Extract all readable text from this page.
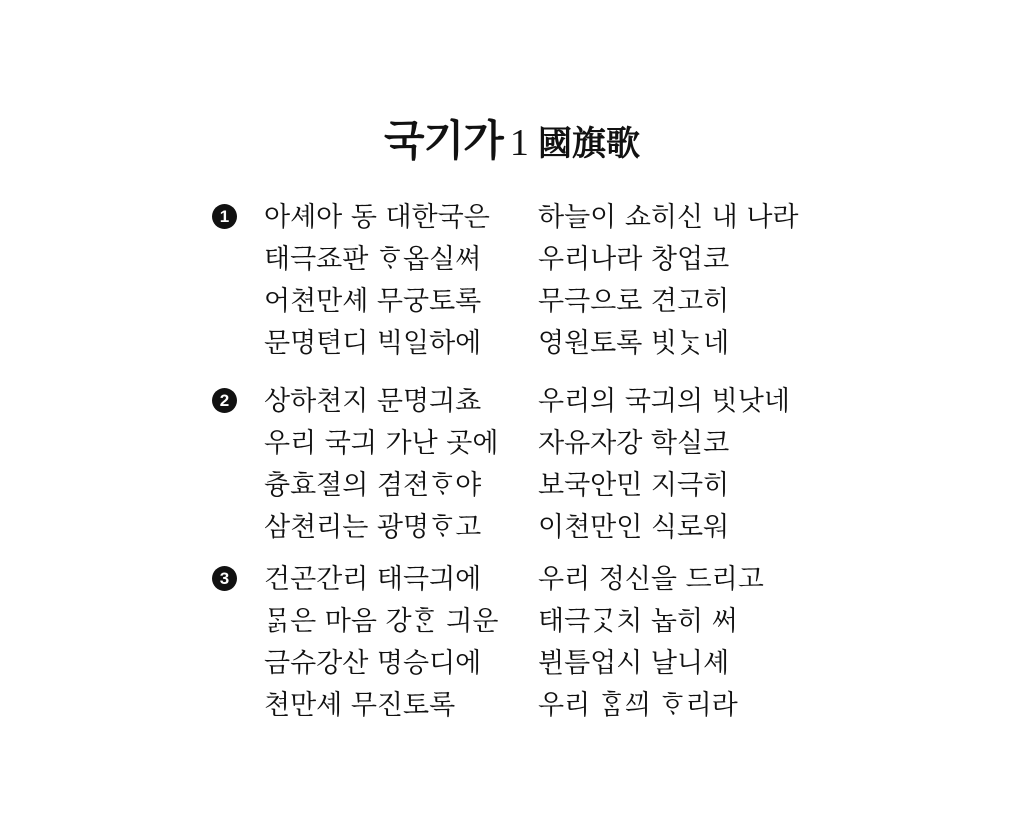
국기가 1 國旗歌
1 아셰아 동 대한국은 하늘이 쇼히신 내 나라
태극죠판 ᄒᆞ옵실쎠 우리나라 창업코
어쳔만셰 무궁토록 무극으로 견고히
문명텬디 빅일하에 영원토록 빗ᄂᆞᆺ네
2 상하쳔지 문명긔쵸 우리의 국긔의 빗낫네
우리 국긔 가난 곳에 자유자강 학실코
츙효졀의 겸젼ᄒᆞ야 보국안민 지극히
삼쳔리는 광명ᄒᆞ고 이쳔만인 식로워
3 건곤간리 태극긔에 우리 정신을 드리고
ᄆᆞᆰ은 마음 강ᄒᆞᆫ 긔운 태극ᄀᆞᆺ치 놉히 써
금슈강산 명승디에 뷘틈업시 날니셰
쳔만셰 무진토록	우리 ᄒᆞᆷᄭᅴ ᄒᆞ리라
